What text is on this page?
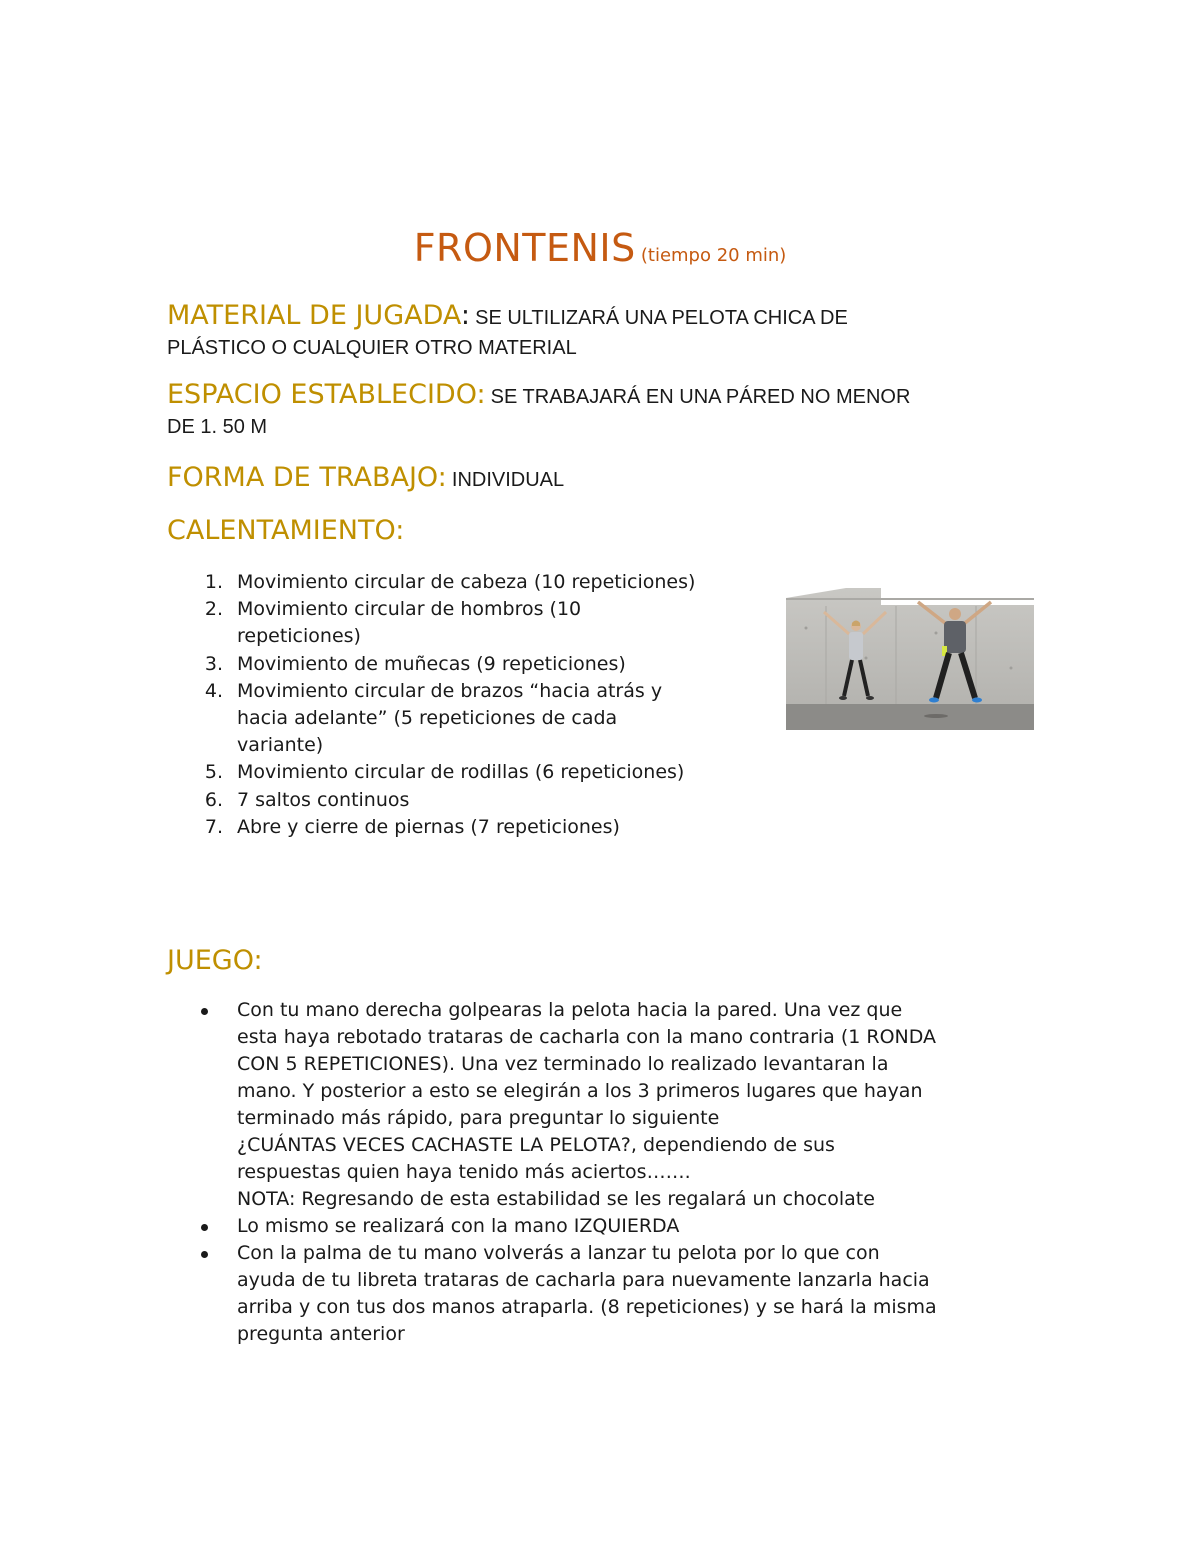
FRONTENIS (tiempo 20 min)
MATERIAL DE JUGADA: SE ULTILIZARÁ UNA PELOTA CHICA DE
PLÁSTICO O CUALQUIER OTRO MATERIAL
ESPACIO ESTABLECIDO: SE TRABAJARÁ EN UNA PÁRED NO MENOR
DE 1. 50 M
FORMA DE TRABAJO: INDIVIDUAL
CALENTAMIENTO:
1. Movimiento circular de cabeza (10 repeticiones)
2. Movimiento circular de hombros (10
repeticiones)
3. Movimiento de muñecas (9 repeticiones)
4. Movimiento circular de brazos “hacia atrás y
hacia adelante” (5 repeticiones de cada
variante)
5. Movimiento circular de rodillas (6 repeticiones)
6. 7 saltos continuos
7. Abre y cierre de piernas (7 repeticiones)
JUEGO:
Con tu mano derecha golpearas la pelota hacia la pared. Una vez que
esta haya rebotado trataras de cacharla con la mano contraria (1 RONDA
CON 5 REPETICIONES). Una vez terminado lo realizado levantaran la
mano. Y posterior a esto se elegirán a los 3 primeros lugares que hayan
terminado más rápido, para preguntar lo siguiente
¿CUÁNTAS VECES CACHASTE LA PELOTA?, dependiendo de sus
respuestas quien haya tenido más aciertos…….
NOTA: Regresando de esta estabilidad se les regalará un chocolate
Lo mismo se realizará con la mano IZQUIERDA
Con la palma de tu mano volverás a lanzar tu pelota por lo que con
ayuda de tu libreta trataras de cacharla para nuevamente lanzarla hacia
arriba y con tus dos manos atraparla. (8 repeticiones) y se hará la misma
pregunta anterior
